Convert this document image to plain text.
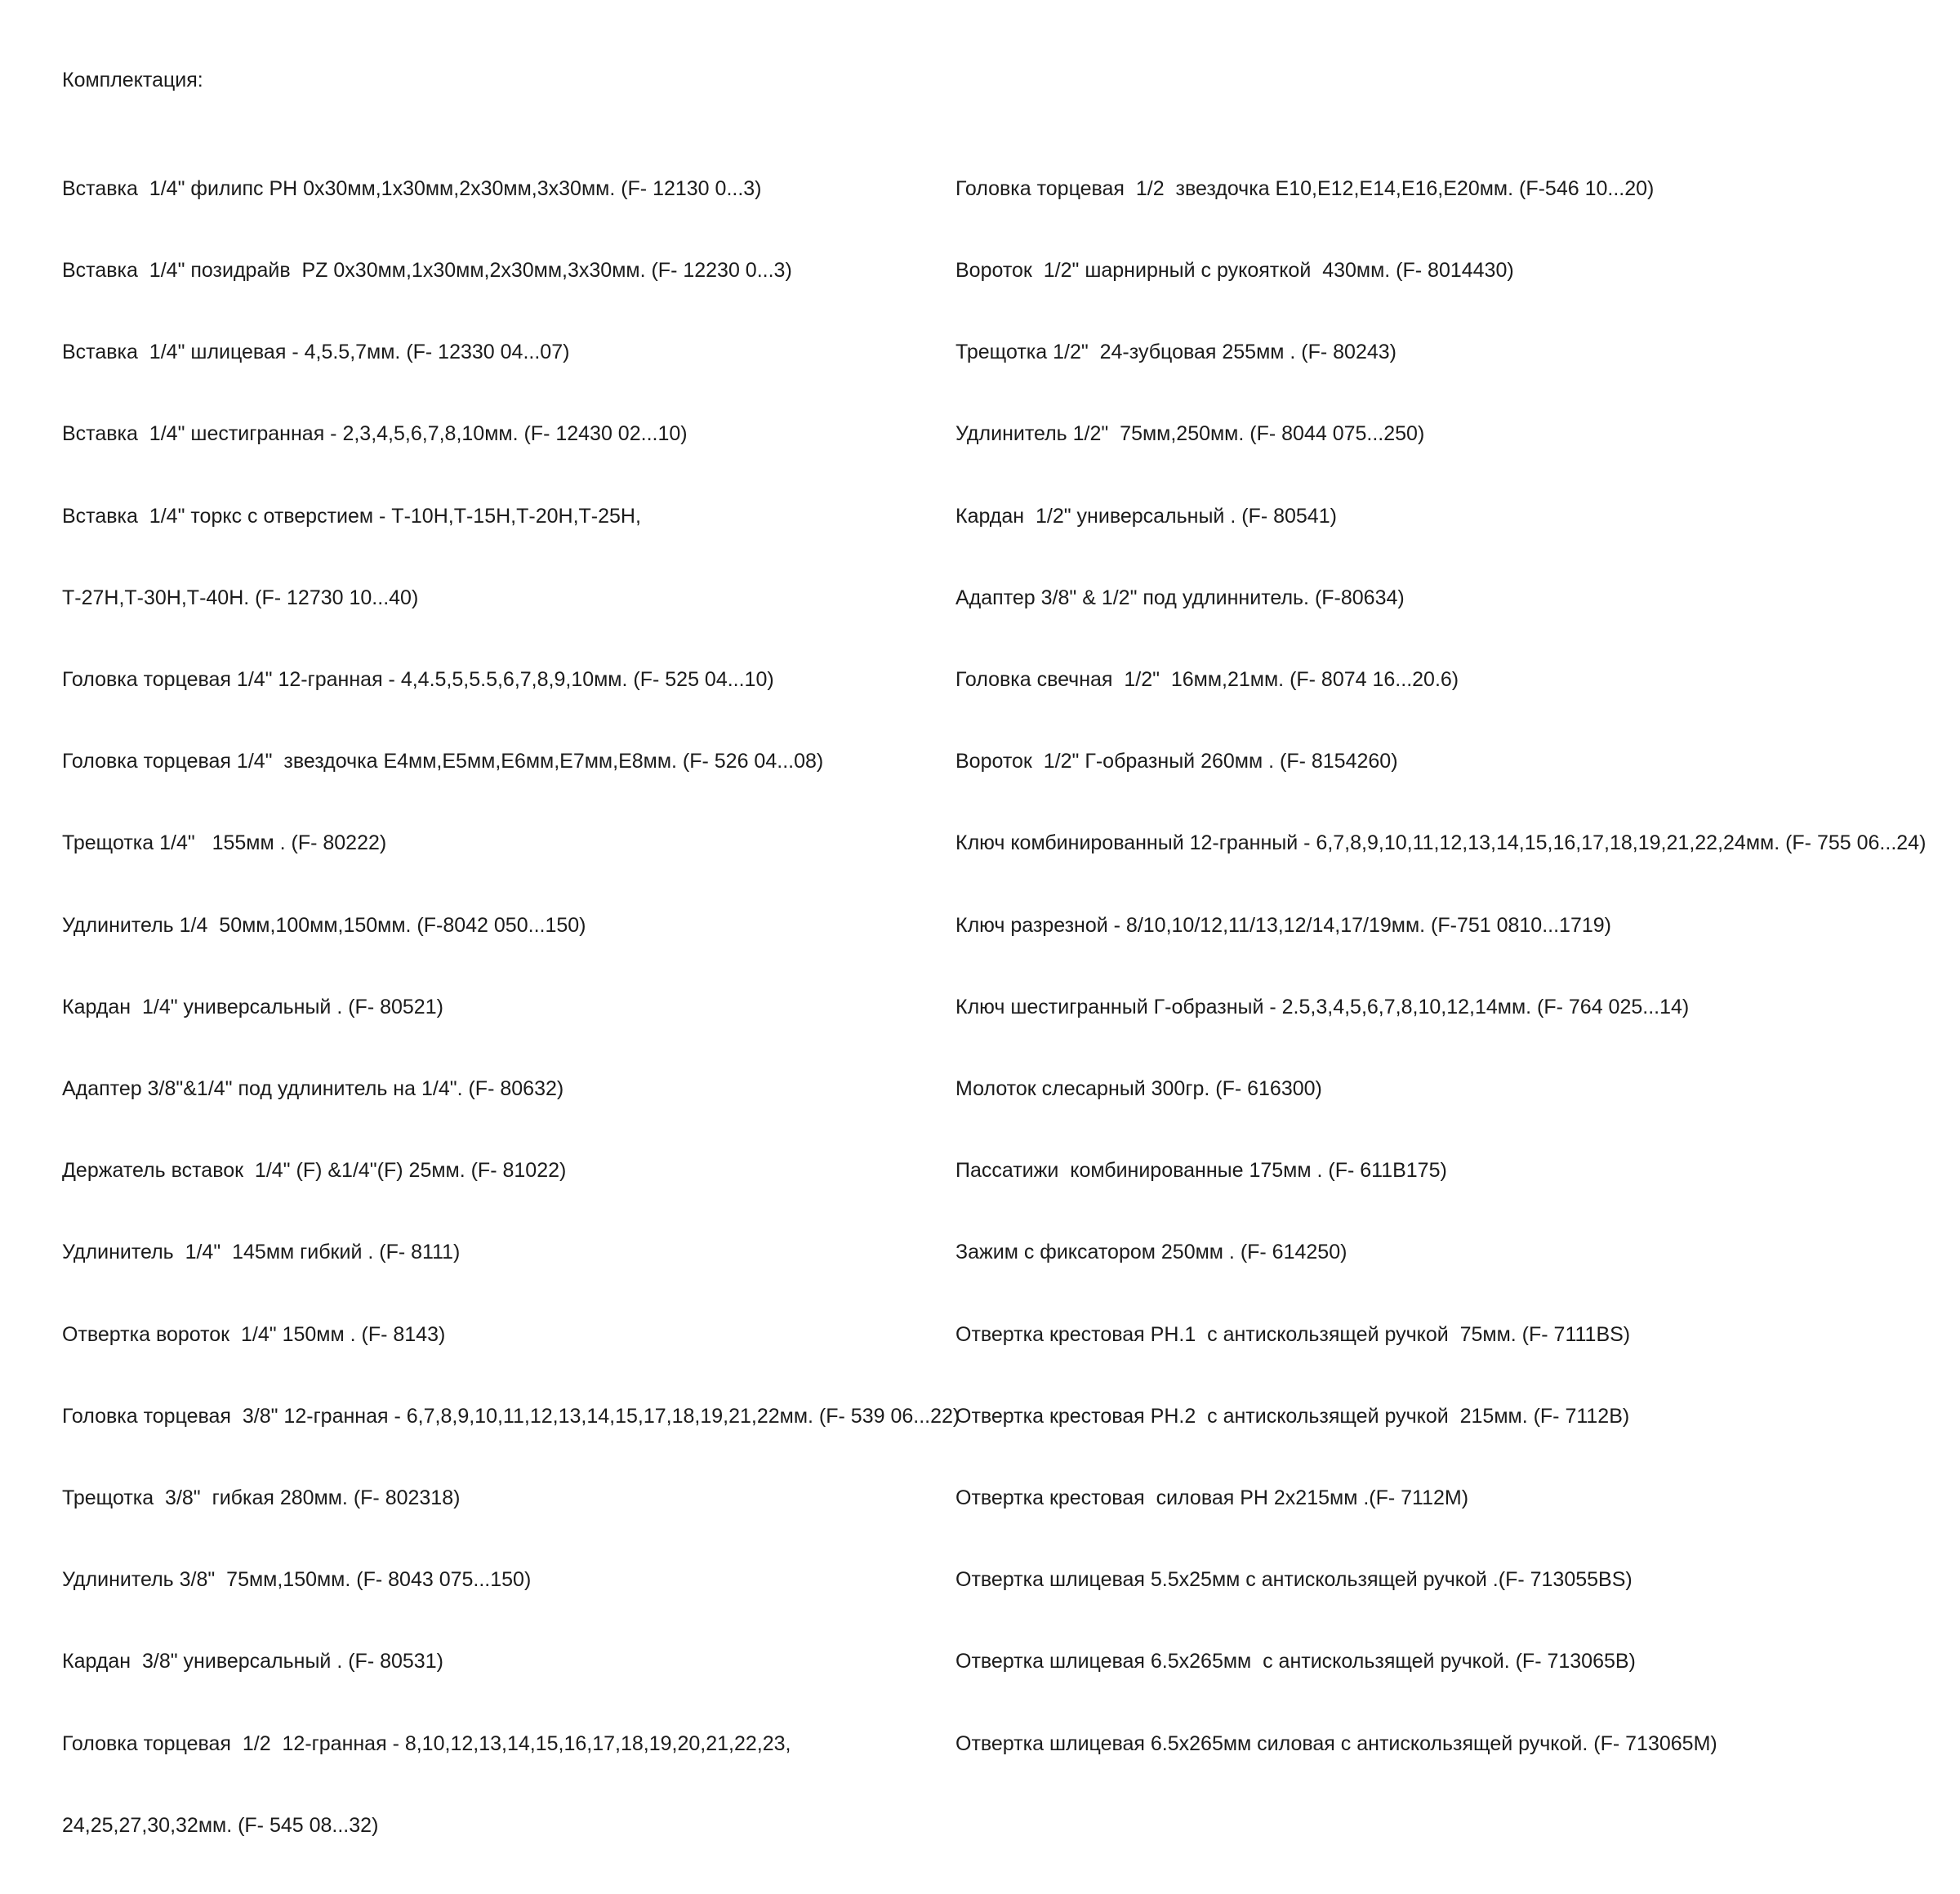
Комплектация:

Вставка  1/4" филипс PH 0х30мм,1х30мм,2х30мм,3х30мм. (F- 12130 0...3)

Вставка  1/4" позидрайв  PZ 0х30мм,1х30мм,2х30мм,3х30мм. (F- 12230 0...3)

Вставка  1/4" шлицевая - 4,5.5,7мм. (F- 12330 04...07)

Вставка  1/4" шестигранная - 2,3,4,5,6,7,8,10мм. (F- 12430 02...10)

Вставка  1/4" торкс с отверстием - Т-10Н,Т-15Н,Т-20Н,Т-25Н,

Т-27Н,Т-30Н,Т-40Н. (F- 12730 10...40)

Головка торцевая 1/4" 12-гранная - 4,4.5,5,5.5,6,7,8,9,10мм. (F- 525 04...10)

Головка торцевая 1/4"  звездочка Е4мм,Е5мм,Е6мм,Е7мм,Е8мм. (F- 526 04...08)

Трещотка 1/4"   155мм . (F- 80222)

Удлинитель 1/4  50мм,100мм,150мм. (F-8042 050...150)

Кардан  1/4" универсальный . (F- 80521)

Адаптер 3/8"&1/4" под удлинитель на 1/4". (F- 80632)

Держатель вставок  1/4" (F) &1/4"(F) 25мм. (F- 81022)

Удлинитель  1/4"  145мм гибкий . (F- 8111)

Отвертка вороток  1/4" 150мм . (F- 8143)

Головка торцевая  3/8" 12-гранная - 6,7,8,9,10,11,12,13,14,15,17,18,19,21,22мм. (F- 539 06...22)

Трещотка  3/8"  гибкая 280мм. (F- 802318)

Удлинитель 3/8"  75мм,150мм. (F- 8043 075...150)

Кардан  3/8" универсальный . (F- 80531)

Головка торцевая  1/2  12-гранная - 8,10,12,13,14,15,16,17,18,19,20,21,22,23,

24,25,27,30,32мм. (F- 545 08...32)

Головка торцевая  1/2  звездочка Е10,Е12,Е14,Е16,Е20мм. (F-546 10...20)

Вороток  1/2" шарнирный с рукояткой  430мм. (F- 8014430)

Трещотка 1/2"  24-зубцовая 255мм . (F- 80243)

Удлинитель 1/2"  75мм,250мм. (F- 8044 075...250)

Кардан  1/2" универсальный . (F- 80541)

Адаптер 3/8" & 1/2" под удлиннитель. (F-80634)

Головка свечная  1/2"  16мм,21мм. (F- 8074 16...20.6)

Вороток  1/2" Г-образный 260мм . (F- 8154260)

Ключ комбинированный 12-гранный - 6,7,8,9,10,11,12,13,14,15,16,17,18,19,21,22,24мм. (F- 755 06...24)

Ключ разрезной - 8/10,10/12,11/13,12/14,17/19мм. (F-751 0810...1719)

Ключ шестигранный Г-образный - 2.5,3,4,5,6,7,8,10,12,14мм. (F- 764 025...14)

Молоток слесарный 300гр. (F- 616300)

Пассатижи  комбинированные 175мм . (F- 611B175)

Зажим с фиксатором 250мм . (F- 614250)

Отвертка крестовая PH.1  с антискользящей ручкой  75мм. (F- 7111BS)

Отвертка крестовая PH.2  с антискользящей ручкой  215мм. (F- 7112B)

Отвертка крестовая  силовая PH 2х215мм .(F- 7112M)

Отвертка шлицевая 5.5х25мм с антискользящей ручкой .(F- 713055BS)

Отвертка шлицевая 6.5х265мм  с антискользящей ручкой. (F- 713065B)

Отвертка шлицевая 6.5х265мм силовая с антискользящей ручкой. (F- 713065M)
